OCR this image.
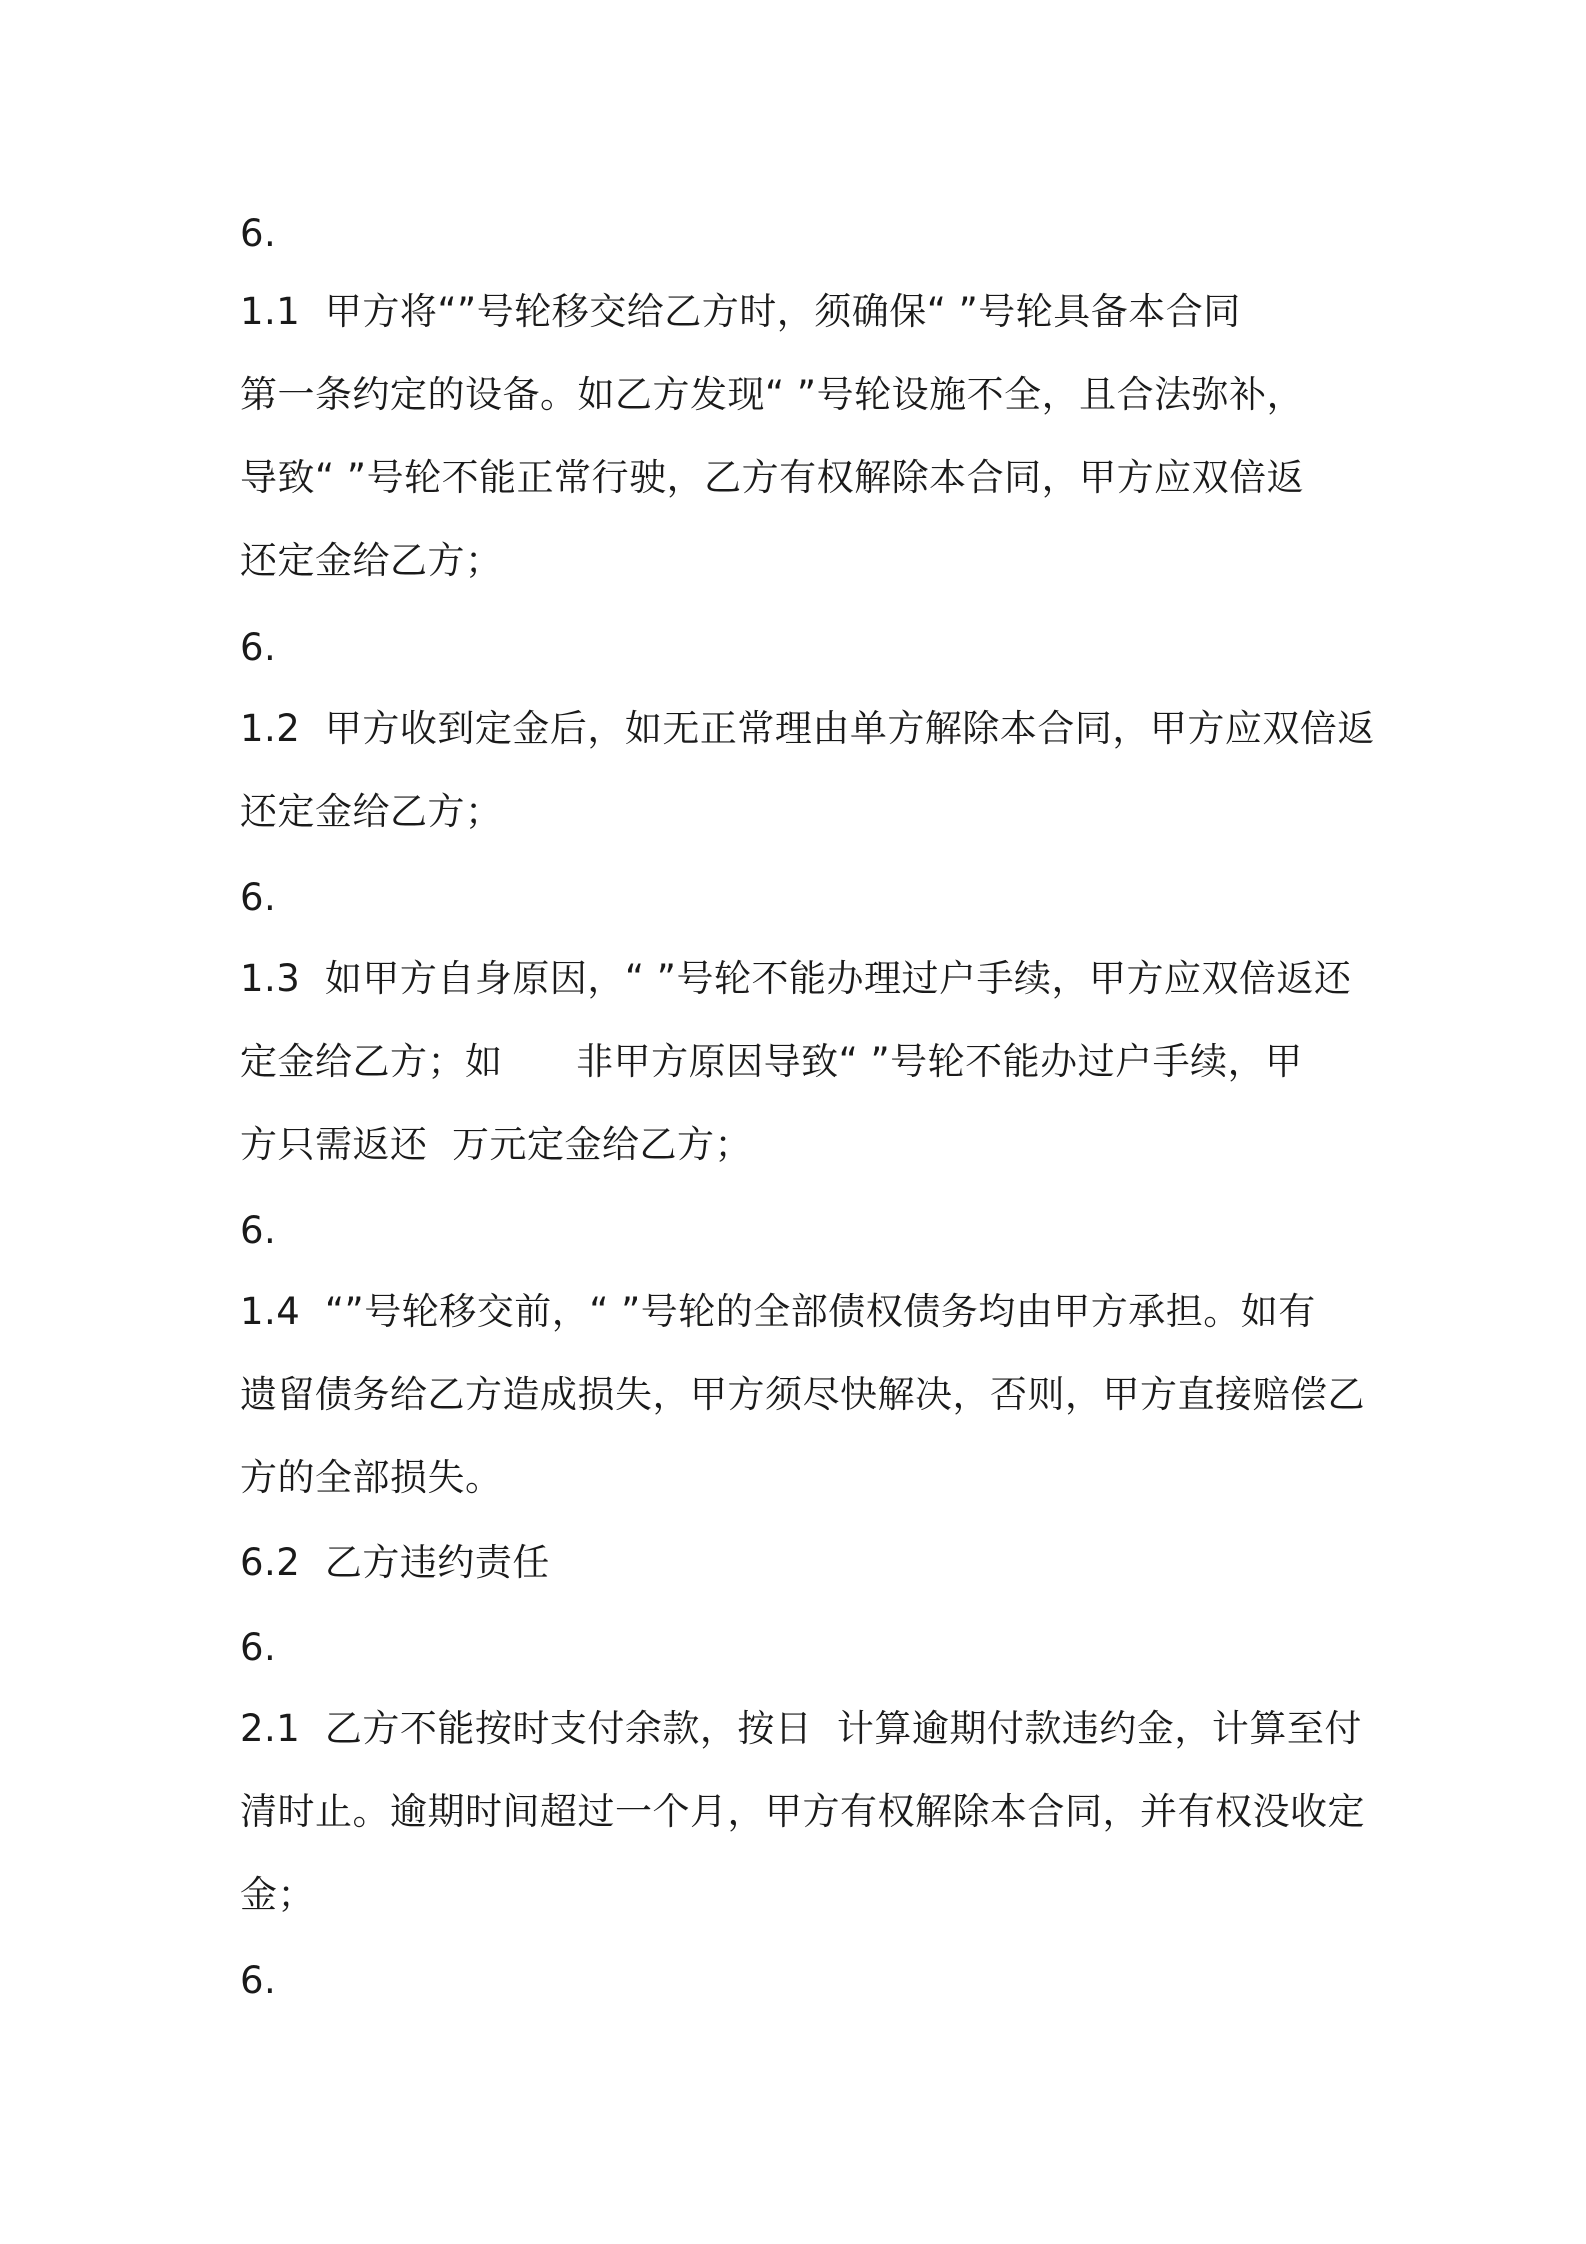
6.

1.1  甲方将“”号轮移交给乙方时，须确保“ ”号轮具备本合同

第一条约定的设备。如乙方发现“ ”号轮设施不全，且合法弥补，

导致“ ”号轮不能正常行驶，乙方有权解除本合同，甲方应双倍返

还定金给乙方；

6.

1.2  甲方收到定金后，如无正常理由单方解除本合同，甲方应双倍返

还定金给乙方；

6.

1.3  如甲方自身原因，“ ”号轮不能办理过户手续，甲方应双倍返还

定金给乙方；如      非甲方原因导致“ ”号轮不能办过户手续，甲

方只需返还  万元定金给乙方；

6.

1.4  “”号轮移交前，“ ”号轮的全部债权债务均由甲方承担。如有

遗留债务给乙方造成损失，甲方须尽快解决，否则，甲方直接赔偿乙

方的全部损失。

6.2  乙方违约责任

6.

2.1  乙方不能按时支付余款，按日  计算逾期付款违约金，计算至付

清时止。逾期时间超过一个月，甲方有权解除本合同，并有权没收定

金；

6.
